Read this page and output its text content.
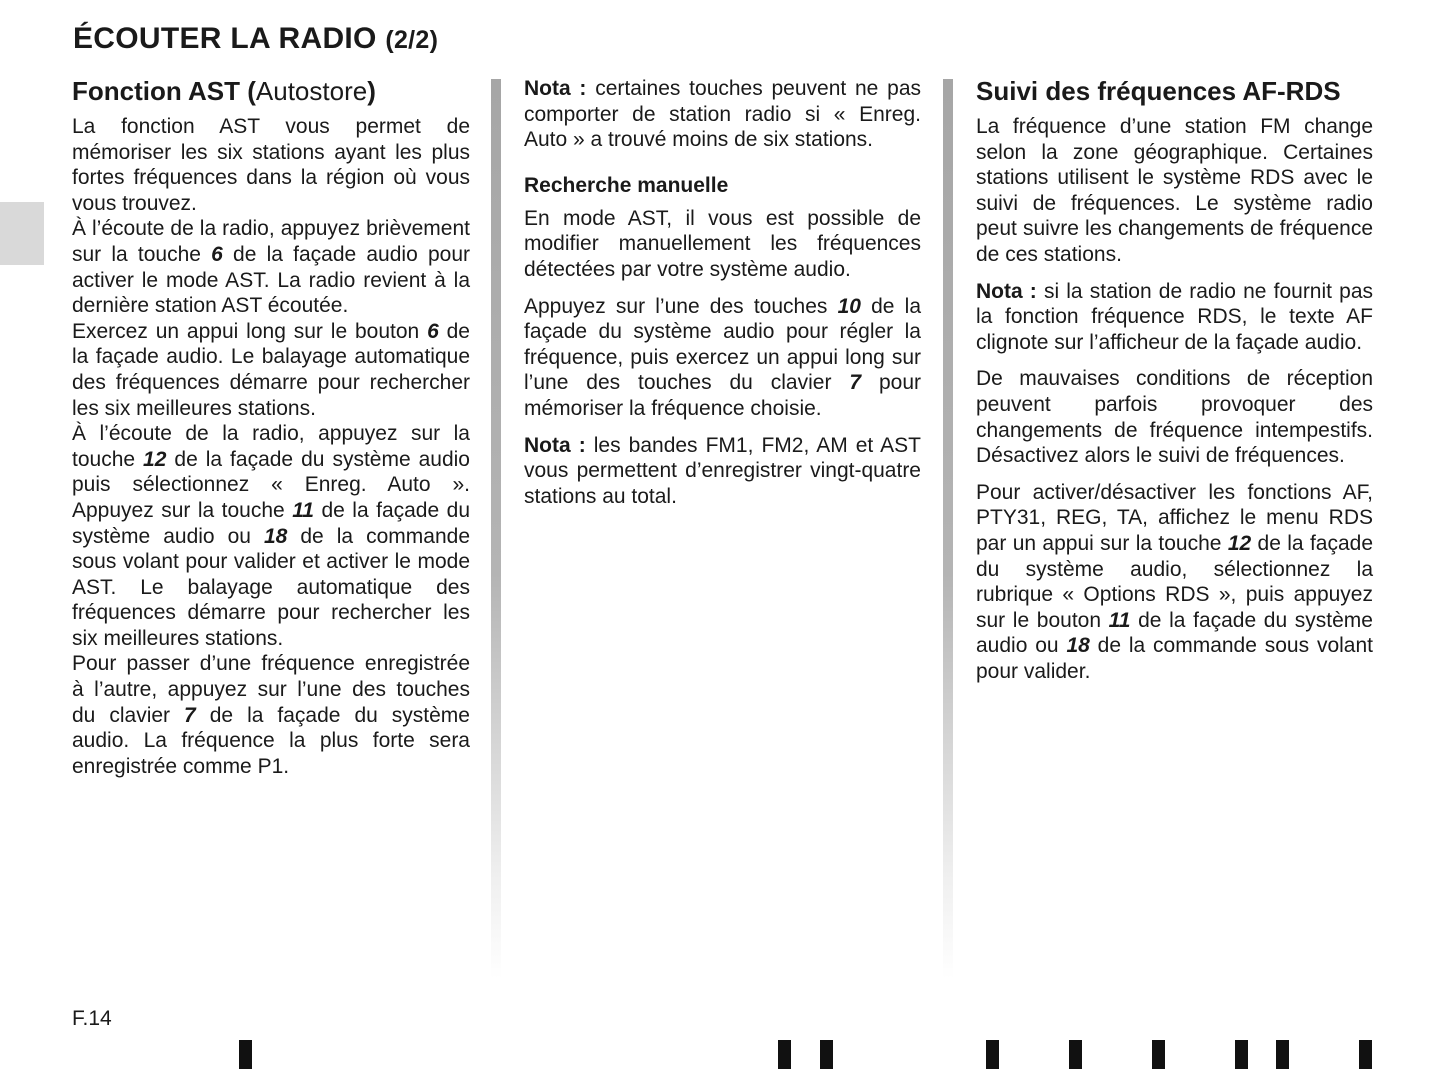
ÉCOUTER LA RADIO (2/2)
Fonction AST (Autostore)

La fonction AST vous permet de mémoriser les six stations ayant les plus fortes fréquences dans la région où vous vous trouvez.

À l’écoute de la radio, appuyez brièvement sur la touche 6 de la façade audio pour activer le mode AST. La radio revient à la dernière station AST écoutée.

Exercez un appui long sur le bouton 6 de la façade audio. Le balayage automatique des fréquences démarre pour rechercher les six meilleures stations.

À l’écoute de la radio, appuyez sur la touche 12 de la façade du système audio puis sélectionnez « Enreg. Auto ». Appuyez sur la touche 11 de la façade du système audio ou 18 de la commande sous volant pour valider et activer le mode AST. Le balayage automatique des fréquences démarre pour rechercher les six meilleures stations.

Pour passer d’une fréquence enregistrée à l’autre, appuyez sur l’une des touches du clavier 7 de la façade du système audio. La fréquence la plus forte sera enregistrée comme P1.

Nota : certaines touches peuvent ne pas comporter de station radio si « Enreg. Auto » a trouvé moins de six stations.

Recherche manuelle

En mode AST, il vous est possible de modifier manuellement les fréquences détectées par votre système audio.

Appuyez sur l’une des touches 10 de la façade du système audio pour régler la fréquence, puis exercez un appui long sur l’une des touches du clavier 7 pour mémoriser la fréquence choisie.

Nota : les bandes FM1, FM2, AM et AST vous permettent d’enregistrer vingt-quatre stations au total.

Suivi des fréquences AF-RDS

La fréquence d’une station FM change selon la zone géographique. Certaines stations utilisent le système RDS avec le suivi de fréquences. Le système radio peut suivre les changements de fréquence de ces stations.

Nota : si la station de radio ne fournit pas la fonction fréquence RDS, le texte AF clignote sur l’afficheur de la façade audio.

De mauvaises conditions de réception peuvent parfois provoquer des changements de fréquence intempestifs. Désactivez alors le suivi de fréquences.

Pour activer/désactiver les fonctions AF, PTY31, REG, TA, affichez le menu RDS par un appui sur la touche 12 de la façade du système audio, sélectionnez la rubrique « Options RDS », puis appuyez sur le bouton 11 de la façade du système audio ou 18 de la commande sous volant pour valider.

F.14
